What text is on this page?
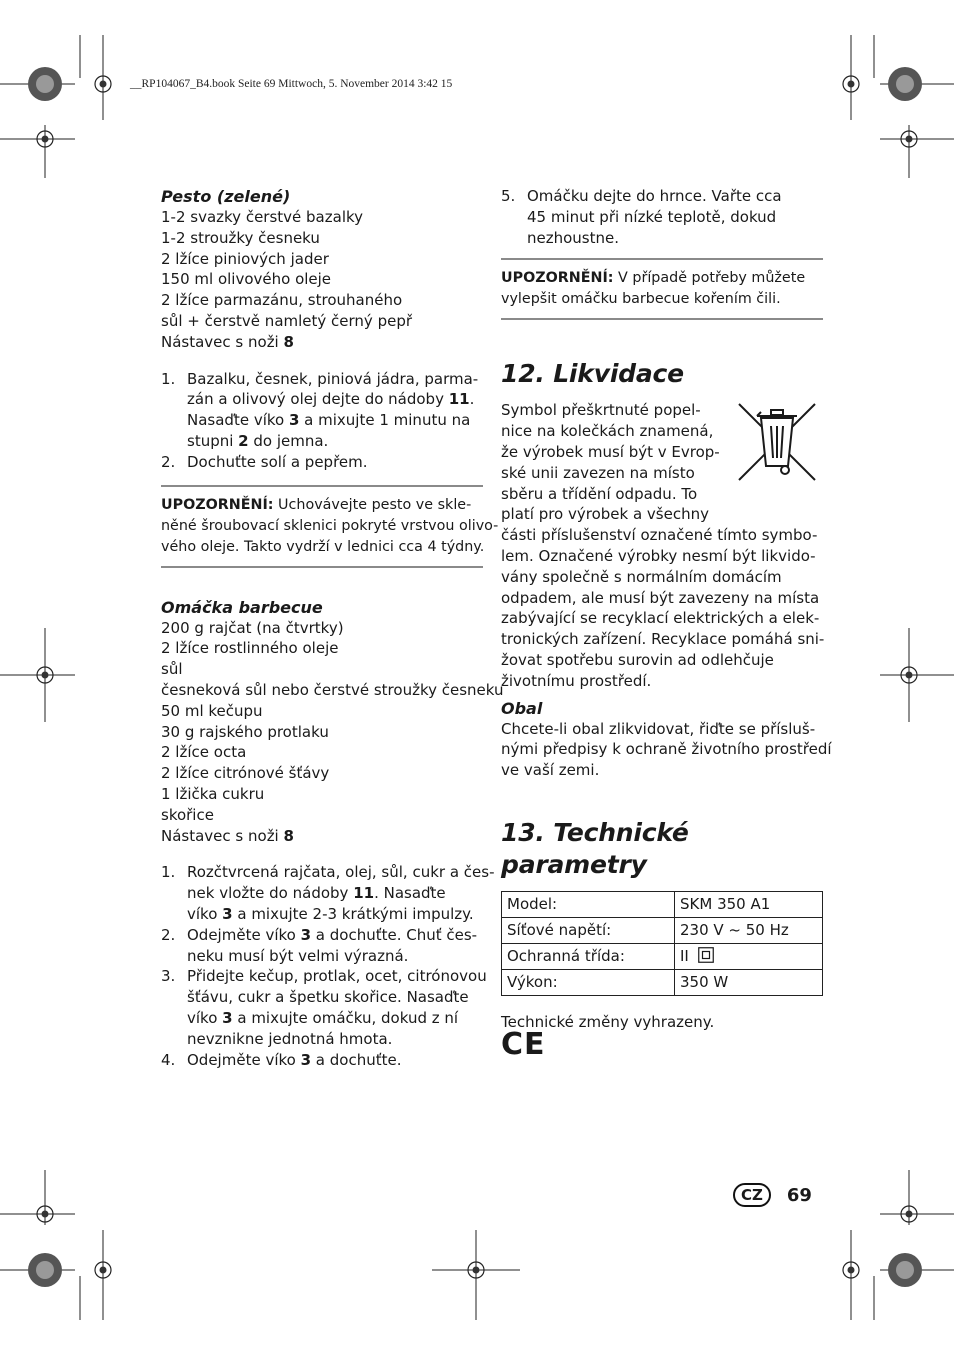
__RP104067_B4.book Seite 69 Mittwoch, 5. November 2014 3:42 15

Pesto (zelené)

1-2 svazky čerstvé bazalky

1-2 stroužky česneku

2 lžíce piniových jader

150 ml olivového oleje

2 lžíce parmazánu, strouhaného

sůl + čerstvě namletý černý pepř

Nástavec s noži 8

1. Bazalku, česnek, piniová jádra, parma-
zán a olivový olej dejte do nádoby 11.
Nasaďte víko 3 a mixujte 1 minutu na
stupni 2 do jemna.
2. Dochuťte solí a pepřem.
UPOZORNĚNÍ: Uchovávejte pesto ve skle-
něné šroubovací sklenici pokryté vrstvou olivo-
vého oleje. Takto vydrží v lednici cca 4 týdny.

Omáčka barbecue

200 g rajčat (na čtvrtky)

2 lžíce rostlinného oleje

sůl

česneková sůl nebo čerstvé stroužky česneku

50 ml kečupu

30 g rajského protlaku

2 lžíce octa

2 lžíce citrónové šťávy

1 lžička cukru

skořice

Nástavec s noži 8

1. Rozčtvrcená rajčata, olej, sůl, cukr a čes-
nek vložte do nádoby 11. Nasaďte
víko 3 a mixujte 2-3 krátkými impulzy.
2. Odejměte víko 3 a dochuťte. Chuť čes-
neku musí být velmi výrazná.
3. Přidejte kečup, protlak, ocet, citrónovou
šťávu, cukr a špetku skořice. Nasaďte
víko 3 a mixujte omáčku, dokud z ní
nevznikne jednotná hmota.
4. Odejměte víko 3 a dochuťte.
5. Omáčku dejte do hrnce. Vařte cca
45 minut při nízké teplotě, dokud
nezhoustne.
UPOZORNĚNÍ: V případě potřeby můžete
vylepšit omáčku barbecue kořením čili.
12. Likvidace
Symbol přeškrtnuté popel-
nice na kolečkách znamená,
že výrobek musí být v Evrop-
ské unii zavezen na místo
sběru a třídění odpadu. To
platí pro výrobek a všechny
části příslušenství označené tímto symbo-
lem. Označené výrobky nesmí být likvido-
vány společně s normálním domácím
odpadem, ale musí být zavezeny na místa
zabývající se recyklací elektrických a elek-
tronických zařízení. Recyklace pomáhá sni-
žovat spotřebu surovin ad odlehčuje
životnímu prostředí.

Obal

Chcete-li obal zlikvidovat, řiďte se přísluš-
nými předpisy k ochraně životního prostředí
ve vaší zemi.
13. Technické parametry
Model:	SKM 350 A1
Síťové napětí:	230 V ~ 50 Hz
Ochranná třída:	II
Výkon:	350 W
Technické změny vyhrazeny.
CE
CZ	69
